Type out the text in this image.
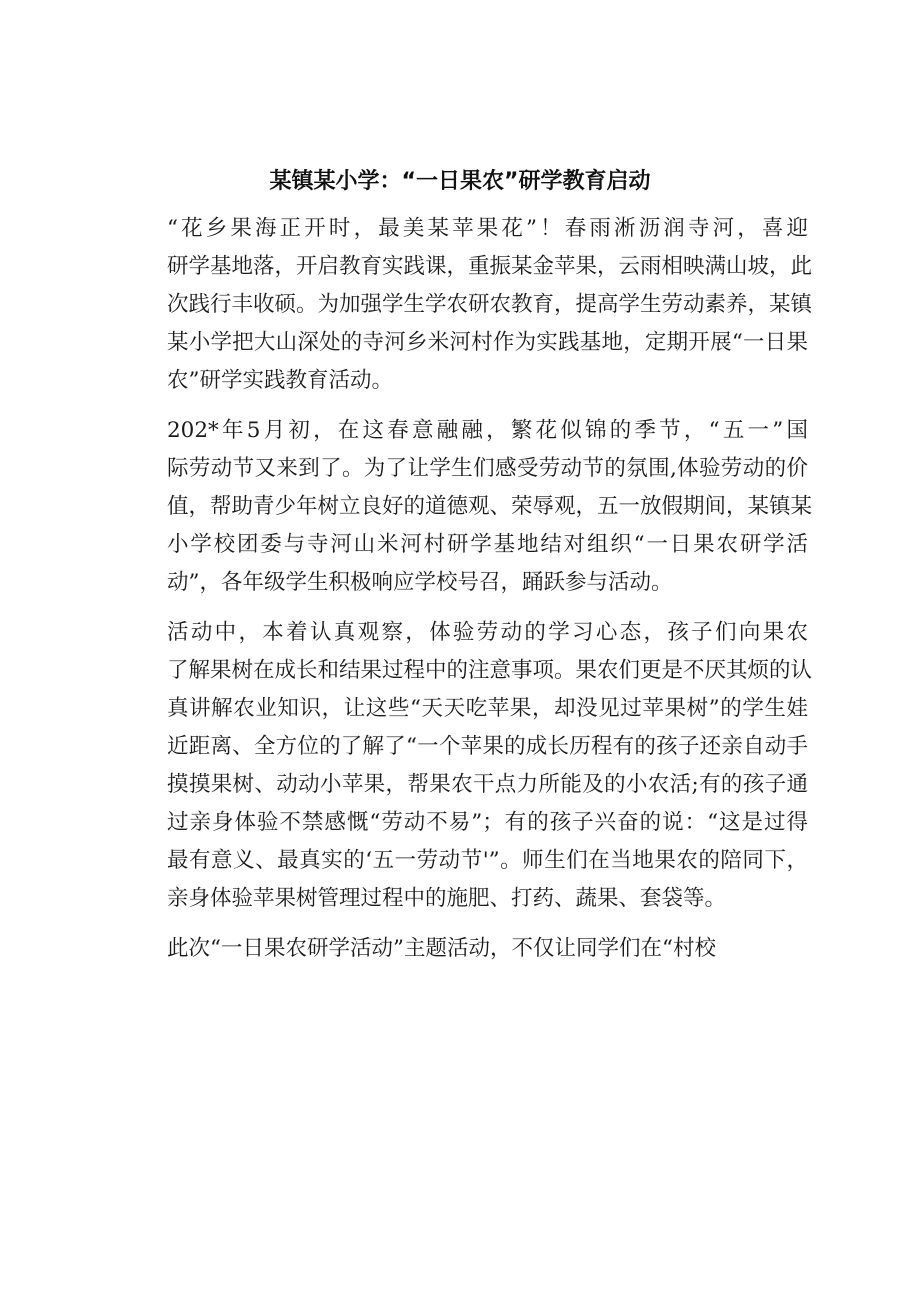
某镇某小学：“一日果农”研学教育启动

“花乡果海正开时，最美某苹果花”！春雨淅沥润寺河，喜迎
研学基地落，开启教育实践课，重振某金苹果，云雨相映满山坡，此
次践行丰收硕。为加强学生学农研农教育，提高学生劳动素养，某镇
某小学把大山深处的寺河乡米河村作为实践基地，定期开展“一日果
农”研学实践教育活动。

202*年5月初，在这春意融融，繁花似锦的季节，“五一”国
际劳动节又来到了。为了让学生们感受劳动节的氛围,体验劳动的价
值，帮助青少年树立良好的道德观、荣辱观，五一放假期间，某镇某
小学校团委与寺河山米河村研学基地结对组织“一日果农研学活
动”，各年级学生积极响应学校号召，踊跃参与活动。

活动中，本着认真观察，体验劳动的学习心态，孩子们向果农
了解果树在成长和结果过程中的注意事项。果农们更是不厌其烦的认
真讲解农业知识，让这些“天天吃苹果，却没见过苹果树”的学生娃
近距离、全方位的了解了“一个苹果的成长历程有的孩子还亲自动手
摸摸果树、动动小苹果，帮果农干点力所能及的小农活;有的孩子通
过亲身体验不禁感慨“劳动不易”；有的孩子兴奋的说：“这是过得
最有意义、最真实的‘五一劳动节'”。师生们在当地果农的陪同下，
亲身体验苹果树管理过程中的施肥、打药、蔬果、套袋等。

此次“一日果农研学活动”主题活动，不仅让同学们在“村校
